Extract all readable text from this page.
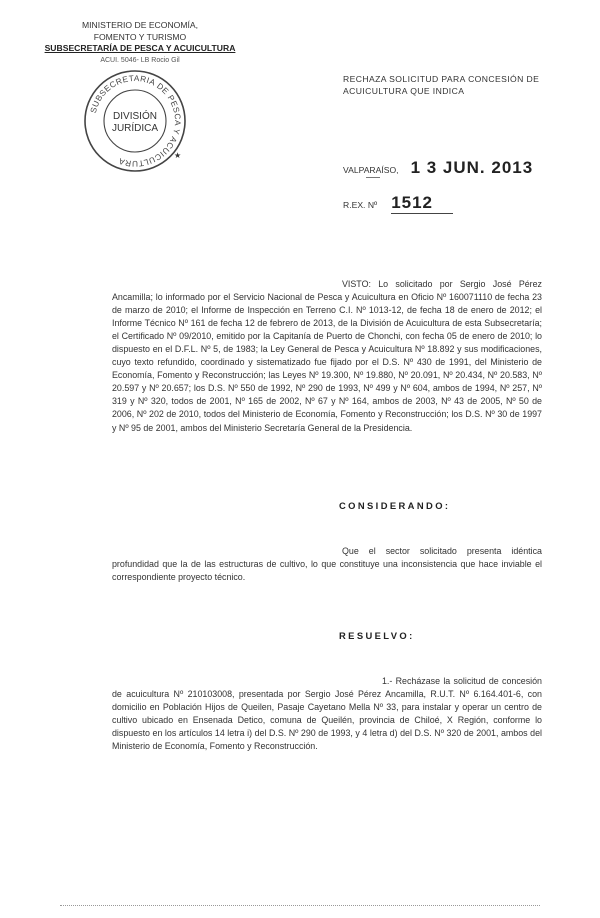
MINISTERIO DE ECONOMÍA,
FOMENTO Y TURISMO
SUBSECRETARÍA DE PESCA Y ACUICULTURA
ACUI. 5046- LB Rocio Gil
SUBSECRETARIA DE PESCA Y ACUICULTURA
DIVISIÓN
JURÍDICA
★
RECHAZA SOLICITUD PARA CONCESIÓN DE ACUICULTURA QUE INDICA
VALPARAÍSO, 1 3 JUN. 2013
R.EX. Nº 1512
VISTO: Lo solicitado por Sergio José Pérez Ancamilla; lo informado por el Servicio Nacional de Pesca y Acuicultura en Oficio Nº 160071110 de fecha 23 de marzo de 2010; el Informe de Inspección en Terreno C.I. Nº 1013-12, de fecha 18 de enero de 2012; el Informe Técnico Nº 161 de fecha 12 de febrero de 2013, de la División de Acuicultura de esta Subsecretaría; el Certificado Nº 09/2010, emitido por la Capitanía de Puerto de Chonchi, con fecha 05 de enero de 2010; lo dispuesto en el D.F.L. Nº 5, de 1983; la Ley General de Pesca y Acuicultura Nº 18.892 y sus modificaciones, cuyo texto refundido, coordinado y sistematizado fue fijado por el D.S. Nº 430 de 1991, del Ministerio de Economía, Fomento y Reconstrucción; las Leyes Nº 19.300, Nº 19.880, Nº 20.091, Nº 20.434, Nº 20.583, Nº 20.597 y Nº 20.657; los D.S. Nº 550 de 1992, Nº 290 de 1993, Nº 499 y Nº 604, ambos de 1994, Nº 257, Nº 319 y Nº 320, todos de 2001, Nº 165 de 2002, Nº 67 y Nº 164, ambos de 2003, Nº 43 de 2005, Nº 50 de 2006, Nº 202 de 2010, todos del Ministerio de Economía, Fomento y Reconstrucción; los D.S. Nº 30 de 1997 y Nº 95 de 2001, ambos del Ministerio Secretaría General de la Presidencia.
CONSIDERANDO:
Que el sector solicitado presenta idéntica profundidad que la de las estructuras de cultivo, lo que constituye una inconsistencia que hace inviable el correspondiente proyecto técnico.
RESUELVO:
1.- Recházase la solicitud de concesión de acuicultura Nº 210103008, presentada por Sergio José Pérez Ancamilla, R.U.T. Nº 6.164.401-6, con domicilio en Población Hijos de Queilen, Pasaje Cayetano Mella Nº 33, para instalar y operar un centro de cultivo ubicado en Ensenada Detico, comuna de Queilén, provincia de Chiloé, X Región, conforme lo dispuesto en los artículos 14 letra i) del D.S. Nº 290 de 1993, y 4 letra d) del D.S. Nº 320 de 2001, ambos del Ministerio de Economía, Fomento y Reconstrucción.
